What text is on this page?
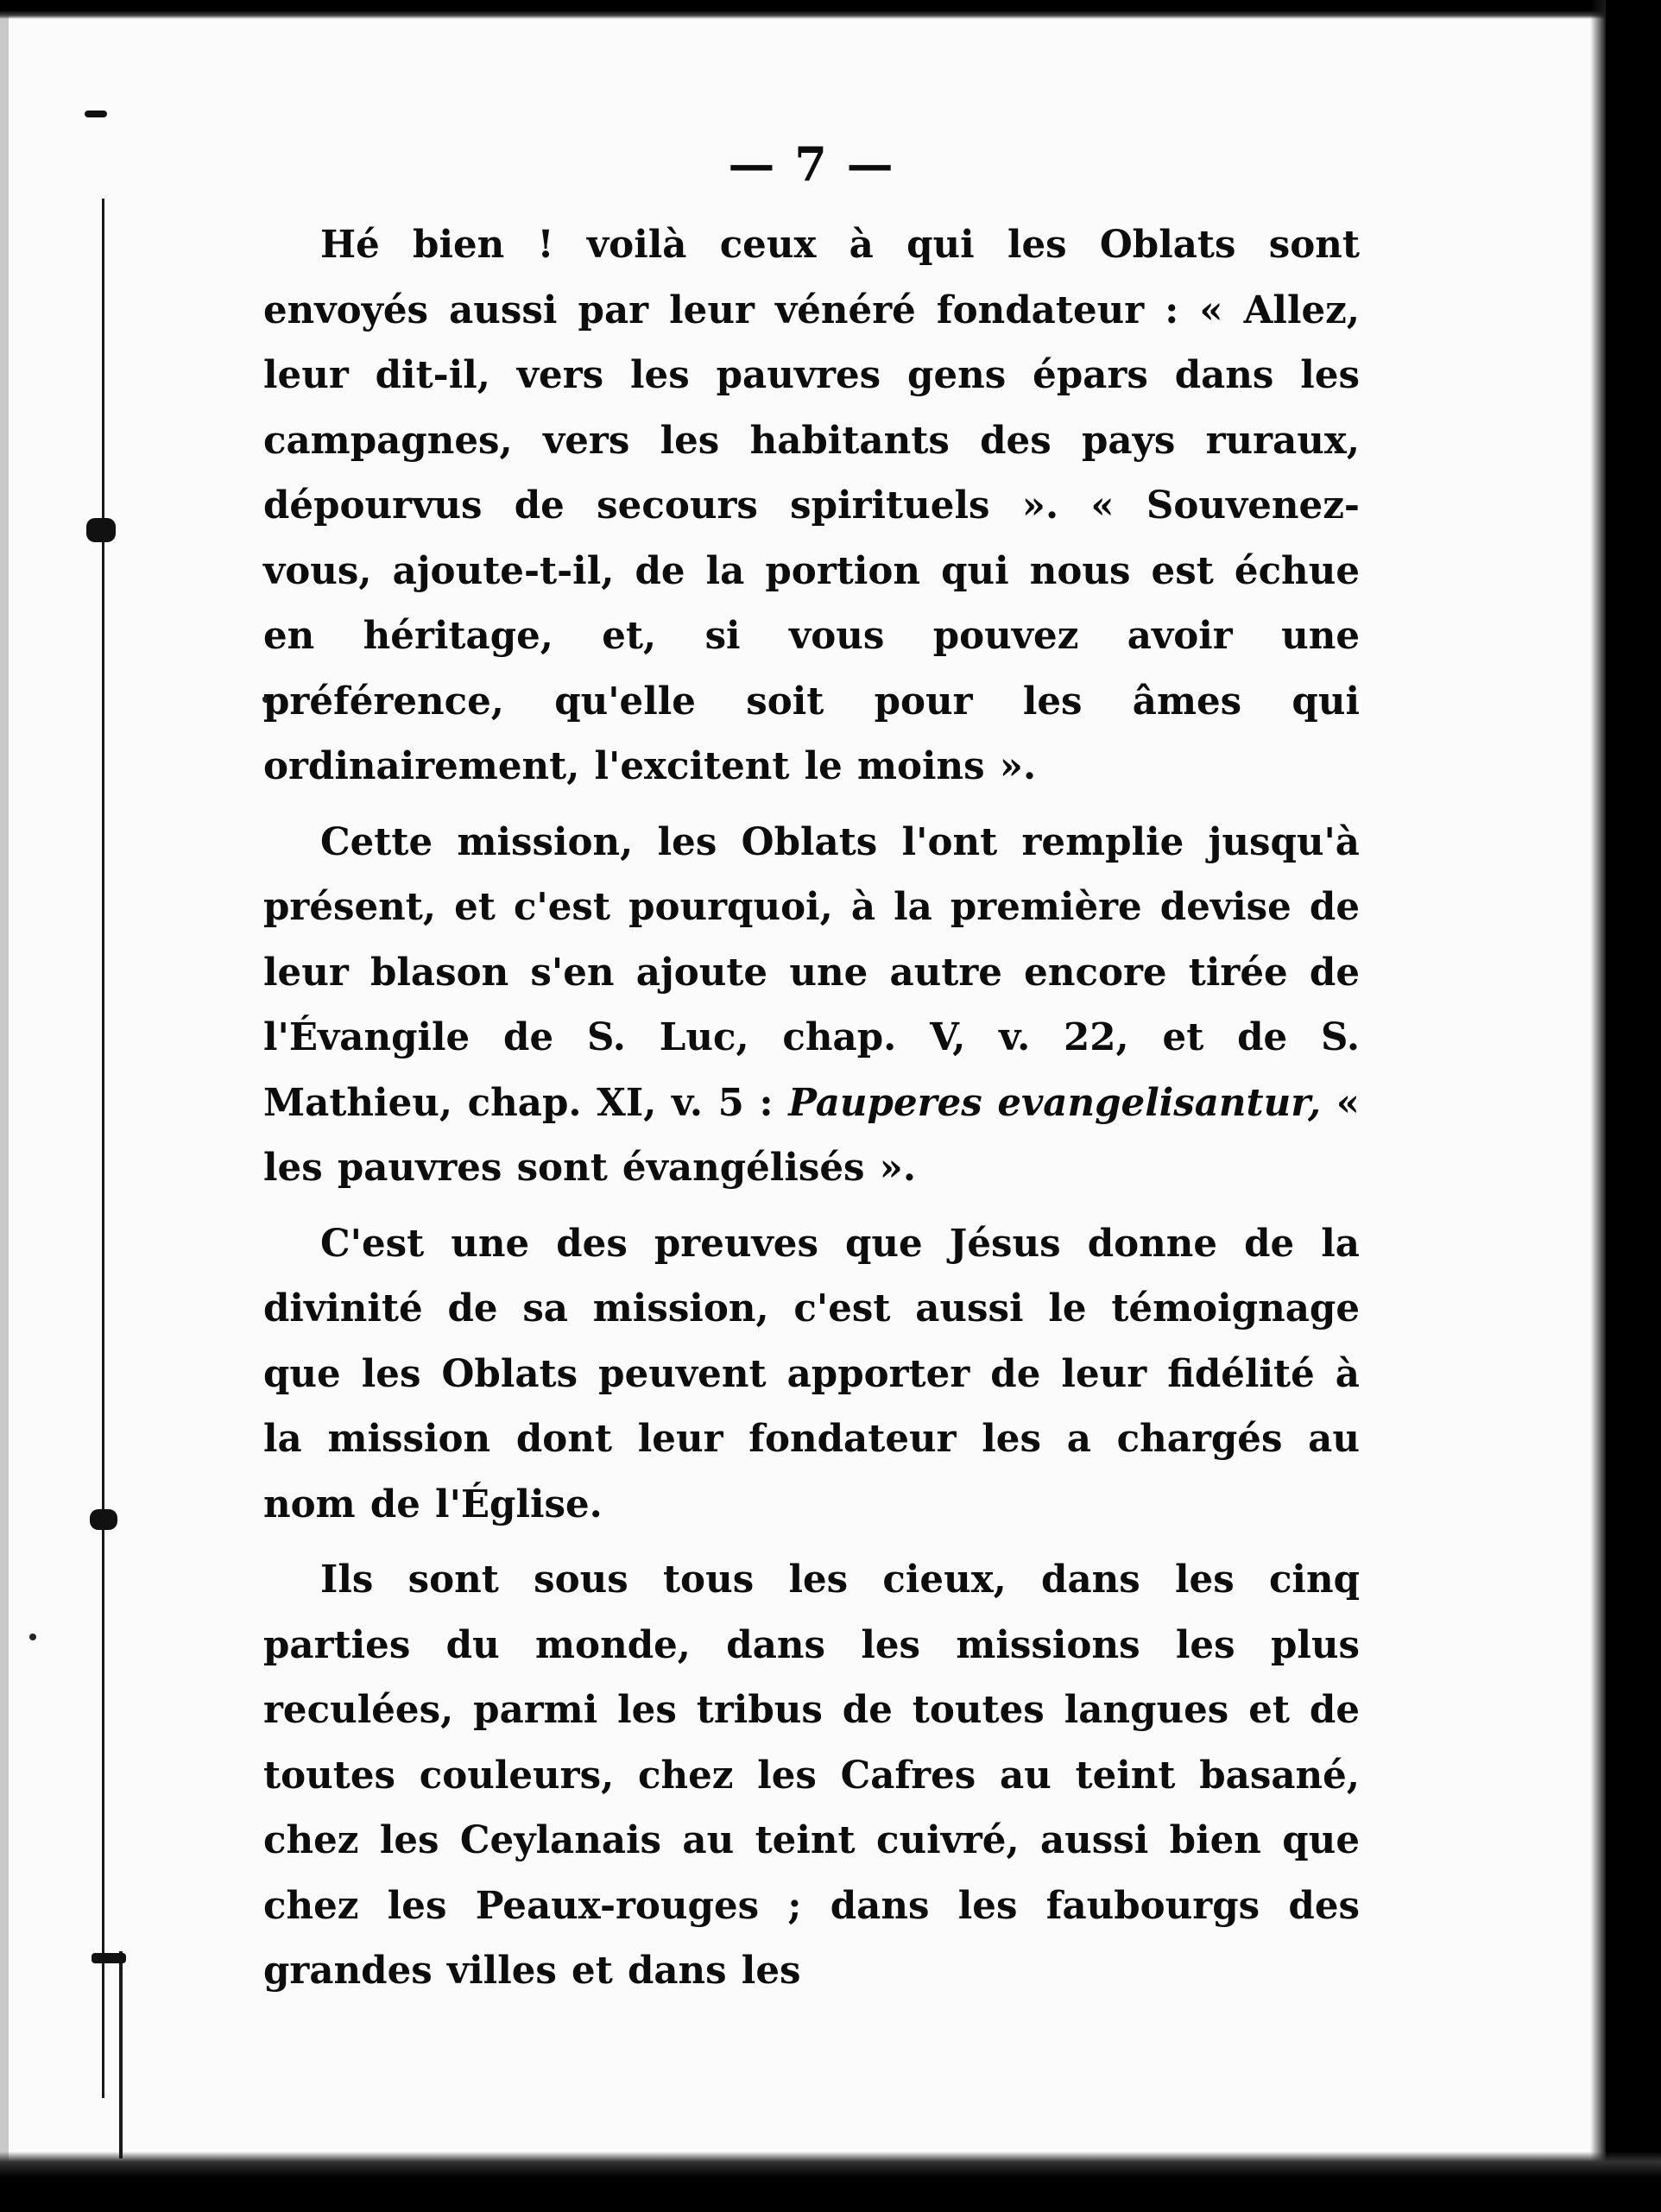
— 7 —

Hé bien ! voilà ceux à qui les Oblats sont envoyés aussi par leur vénéré fondateur : « Allez, leur dit-il, vers les pauvres gens épars dans les campagnes, vers les habitants des pays ruraux, dépourvus de secours spirituels ». « Souvenez-vous, ajoute-t-il, de la portion qui nous est échue en héritage, et, si vous pouvez avoir une préférence, qu'elle soit pour les âmes qui ordinairement, l'excitent le moins ».

Cette mission, les Oblats l'ont remplie jusqu'à présent, et c'est pourquoi, à la première devise de leur blason s'en ajoute une autre encore tirée de l'Évangile de S. Luc, chap. V, v. 22, et de S. Mathieu, chap. XI, v. 5 : Pauperes evangelisantur, « les pauvres sont évangélisés ».

C'est une des preuves que Jésus donne de la divinité de sa mission, c'est aussi le témoignage que les Oblats peuvent apporter de leur fidélité à la mission dont leur fondateur les a chargés au nom de l'Église.

Ils sont sous tous les cieux, dans les cinq parties du monde, dans les missions les plus reculées, parmi les tribus de toutes langues et de toutes couleurs, chez les Cafres au teint basané, chez les Ceylanais au teint cuivré, aussi bien que chez les Peaux-rouges ; dans les faubourgs des grandes villes et dans les
